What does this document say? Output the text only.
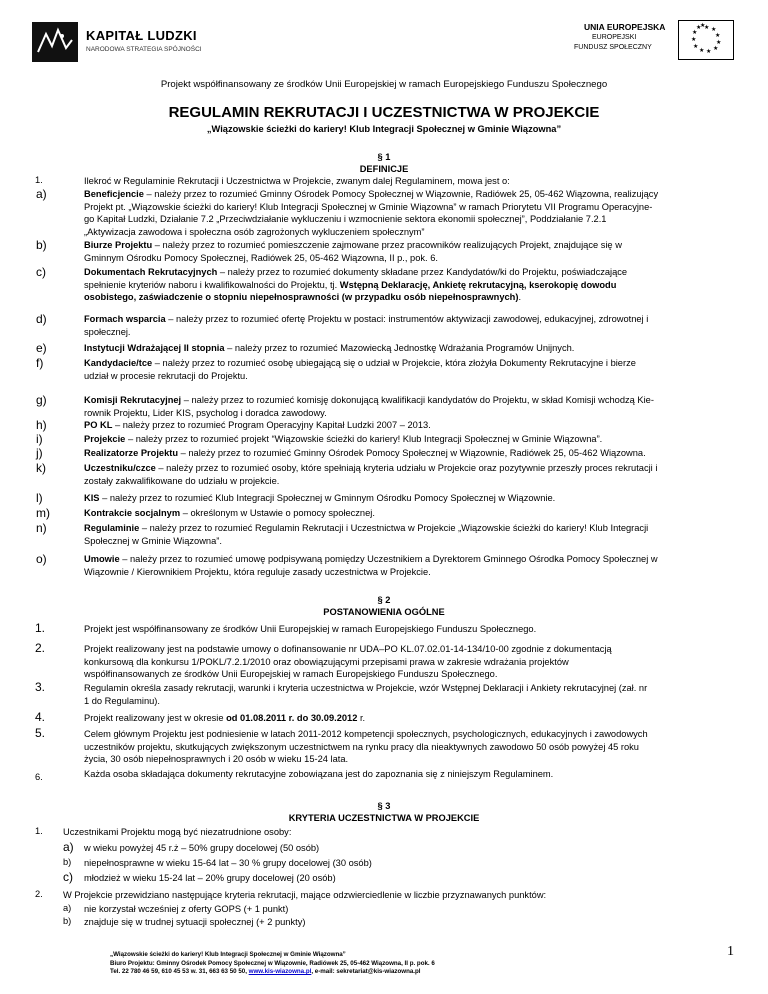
KAPITAŁ LUDZKI
NARODOWA STRATEGIA SPÓJNOŚCI
UNIA EUROPEJSKA
EUROPEJSKI
FUNDUSZ SPOŁECZNY
★ ★
★
★
★
★
★
★
★
★
★
★
Projekt współfinansowany ze środków Unii Europejskiej w ramach Europejskiego Funduszu Społecznego
REGULAMIN REKRUTACJI I UCZESTNICTWA W PROJEKCIE
„Wiązowskie ścieżki do kariery! Klub Integracji Społecznej w Gminie Wiązowna”
§ 1
DEFINICJE
1.	Ilekroć w Regulaminie Rekrutacji i Uczestnictwa w Projekcie, zwanym dalej Regulaminem, mowa jest o:
a)	Beneficjencie – należy przez to rozumieć Gminny Ośrodek Pomocy Społecznej w Wiązownie, Radiówek 25, 05-462 Wiązowna, realizujący
Projekt pt. „Wiązowskie ścieżki do kariery! Klub Integracji Społecznej w Gminie Wiązowna” w ramach Priorytetu VII Programu Operacyjne-
go Kapitał Ludzki, Działanie 7.2 „Przeciwdziałanie wykluczeniu i wzmocnienie sektora ekonomii społecznej”, Poddziałanie 7.2.1
„Aktywizacja zawodowa i społeczna osób zagrożonych wykluczeniem społecznym”
b)	Biurze Projektu – należy przez to rozumieć pomieszczenie zajmowane przez pracowników realizujących Projekt, znajdujące się w
Gminnym Ośrodku Pomocy Społecznej, Radiówek 25, 05-462 Wiązowna, II p., pok. 6.
c)	Dokumentach Rekrutacyjnych – należy przez to rozumieć dokumenty składane przez Kandydatów/ki do Projektu, poświadczające
spełnienie kryteriów naboru i kwalifikowalności do Projektu, tj. Wstępną Deklarację, Ankietę rekrutacyjną, kserokopię dowodu
osobistego, zaświadczenie o stopniu niepełnosprawności (w przypadku osób niepełnosprawnych).
d)	Formach wsparcia – należy przez to rozumieć ofertę Projektu w postaci: instrumentów aktywizacji zawodowej, edukacyjnej, zdrowotnej i
społecznej.
e)	Instytucji Wdrażającej II stopnia – należy przez to rozumieć Mazowiecką Jednostkę Wdrażania Programów Unijnych.
f)	Kandydacie/tce – należy przez to rozumieć osobę ubiegającą się o udział w Projekcie, która złożyła Dokumenty Rekrutacyjne i bierze
udział w procesie rekrutacji do Projektu.
g)	Komisji Rekrutacyjnej – należy przez to rozumieć komisję dokonującą kwalifikacji kandydatów do Projektu, w skład Komisji wchodzą Kie-
rownik Projektu, Lider KIS, psycholog i doradca zawodowy.
h)	PO KL – należy przez to rozumieć Program Operacyjny Kapitał Ludzki 2007 – 2013.
i)	Projekcie – należy przez to rozumieć projekt “Wiązowskie ścieżki do kariery! Klub Integracji Społecznej w Gminie Wiązowna”.
j)	Realizatorze Projektu – należy przez to rozumieć Gminny Ośrodek Pomocy Społecznej w Wiązownie, Radiówek 25, 05-462 Wiązowna.
k)	Uczestniku/czce – należy przez to rozumieć osoby, które spełniają kryteria udziału w Projekcie oraz pozytywnie przeszły proces rekrutacji i
zostały zakwalifikowane do udziału w projekcie.
l)	KIS – należy przez to rozumieć Klub Integracji Społecznej w Gminnym Ośrodku Pomocy Społecznej w Wiązownie.
m)	Kontrakcie socjalnym – określonym w Ustawie o pomocy społecznej.
n)	Regulaminie – należy przez to rozumieć Regulamin Rekrutacji i Uczestnictwa w Projekcie „Wiązowskie ścieżki do kariery! Klub Integracji
Społecznej w Gminie Wiązowna”.
o)	Umowie – należy przez to rozumieć umowę podpisywaną pomiędzy Uczestnikiem a Dyrektorem Gminnego Ośrodka Pomocy Społecznej w
Wiązownie / Kierownikiem Projektu, która reguluje zasady uczestnictwa w Projekcie.
§ 2
POSTANOWIENIA OGÓLNE
1.	Projekt jest współfinansowany ze środków Unii Europejskiej w ramach Europejskiego Funduszu Społecznego.
2.	Projekt realizowany jest na podstawie umowy o dofinansowanie nr UDA–PO KL.07.02.01-14-134/10-00 zgodnie z dokumentacją
konkursową dla konkursu 1/POKL/7.2.1/2010 oraz obowiązującymi przepisami prawa w zakresie wdrażania projektów
współfinansowanych ze środków Unii Europejskiej w ramach Europejskiego Funduszu Społecznego.
3.	Regulamin określa zasady rekrutacji, warunki i kryteria uczestnictwa w Projekcie, wzór Wstępnej Deklaracji i Ankiety rekrutacyjnej (zał. nr
1 do Regulaminu).
4.	Projekt realizowany jest w okresie od 01.08.2011 r. do 30.09.2012 r.
5.	Celem głównym Projektu jest podniesienie w latach 2011-2012 kompetencji społecznych, psychologicznych, edukacyjnych i zawodowych
uczestników projektu, skutkujących zwiększonym uczestnictwem na rynku pracy dla nieaktywnych zawodowo 50 osób powyżej 45 roku
życia, 30 osób niepełnosprawnych i 20 osób w wieku 15-24 lata.
6.	Każda osoba składająca dokumenty rekrutacyjne zobowiązana jest do zapoznania się z niniejszym Regulaminem.
§ 3
KRYTERIA UCZESTNICTWA W PROJEKCIE
1. Uczestnikami Projektu mogą być niezatrudnione osoby:
a) w wieku powyżej 45 r.ż – 50% grupy docelowej (50 osób)
b) niepełnosprawne w wieku 15-64 lat – 30 % grupy docelowej (30 osób)
c) młodzież w wieku 15-24 lat – 20% grupy docelowej (20 osób)
2. W Projekcie przewidziano następujące kryteria rekrutacji, mające odzwierciedlenie w liczbie przyznawanych punktów:
a) nie korzystał wcześniej z oferty GOPS (+ 1 punkt)
b) znajduje się w trudnej sytuacji społecznej (+ 2 punkty)
„Wiązowskie ścieżki do kariery! Klub Integracji Społecznej w Gminie Wiązowna”
Biuro Projektu: Gminny Ośrodek Pomocy Społecznej w Wiązownie, Radiówek 25, 05-462 Wiązowna, II p. pok. 6
Tel. 22 780 46 59, 610 45 53 w. 31, 663 63 50 50, www.kis-wiazowna.pl, e-mail: sekretariat@kis-wiazowna.pl
1
